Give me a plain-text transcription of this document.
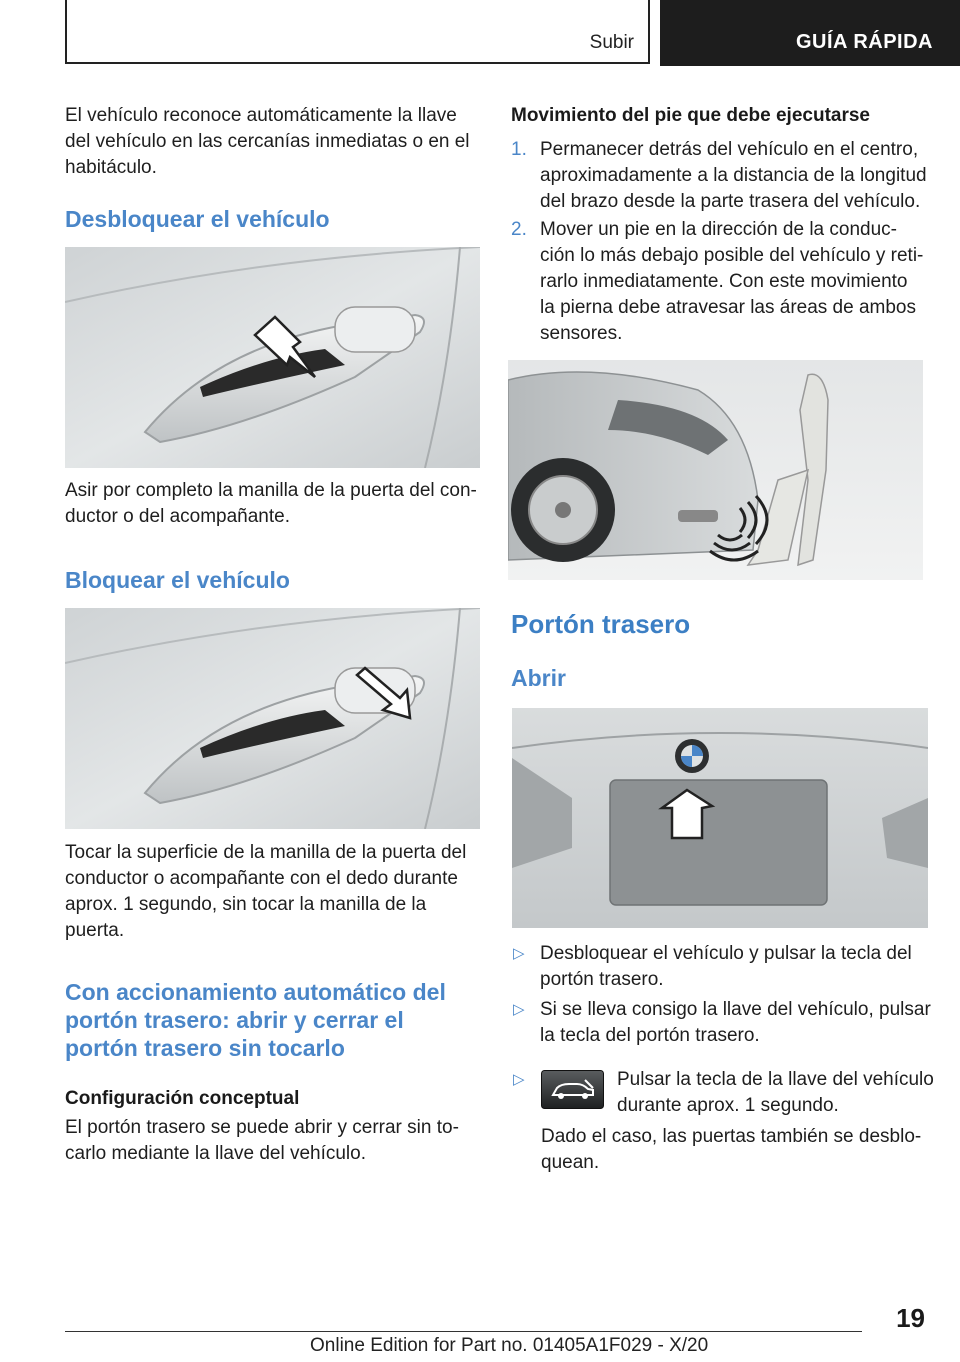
Subir	GUÍA RÁPIDA
El vehículo reconoce automáticamente la llave
del vehículo en las cercanías inmediatas o en el
habitáculo.
Desbloquear el vehículo
Asir por completo la manilla de la puerta del con-
ductor o del acompañante.
Bloquear el vehículo
Tocar la superficie de la manilla de la puerta del
conductor o acompañante con el dedo durante
aprox. 1 segundo, sin tocar la manilla de la
puerta.
Con accionamiento automático del
portón trasero: abrir y cerrar el
portón trasero sin tocarlo
Configuración conceptual
El portón trasero se puede abrir y cerrar sin to-
carlo mediante la llave del vehículo.
Movimiento del pie que debe ejecutarse
1. Permanecer detrás del vehículo en el centro,
aproximadamente a la distancia de la longitud
del brazo desde la parte trasera del vehículo.
2. Mover un pie en la dirección de la conduc-
ción lo más debajo posible del vehículo y reti-
rarlo inmediatamente. Con este movimiento
la pierna debe atravesar las áreas de ambos
sensores.
Portón trasero
Abrir
▷ Desbloquear el vehículo y pulsar la tecla del
portón trasero.
▷ Si se lleva consigo la llave del vehículo, pulsar
la tecla del portón trasero.
▷	Pulsar la tecla de la llave del vehículo
durante aprox. 1 segundo.
Dado el caso, las puertas también se desblo-
quean.
19
Online Edition for Part no. 01405A1F029 - X/20
